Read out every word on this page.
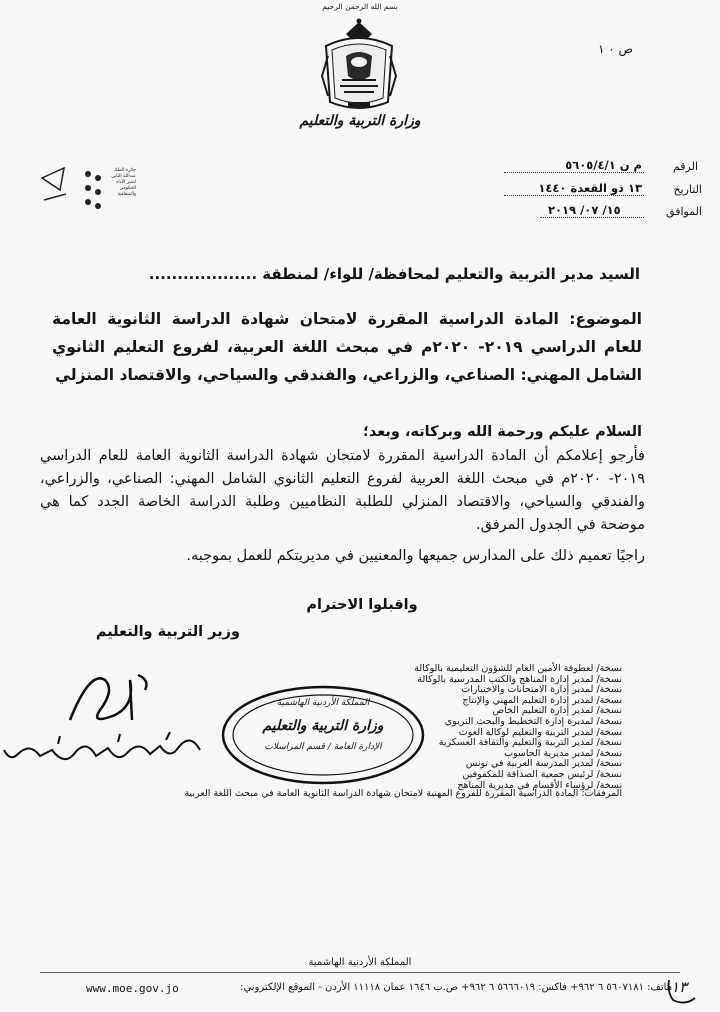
بسم الله الرحمن الرحيم
وزارة التربية والتعليم
ص ٠ ١
جائزة الملك عبدالله الثاني لتميز الأداء الحكومي والشفافية
الرقم
م ن ٥٦٠٥/٤/١
التاريخ
١٣ ذو القعدة ١٤٤٠
الموافق
١٥/ ٠٧/ ٢٠١٩
السيد مدير التربية والتعليم لمحافظة/ للواء/ لمنطقة ...................
الموضوع: المادة الدراسية المقررة لامتحان شهادة الدراسة الثانوية العامة للعام الدراسي ٢٠١٩- ٢٠٢٠م في مبحث اللغة العربية، لفروع التعليم الثانوي الشامل المهني: الصناعي، والزراعي، والفندقي والسياحي، والاقتصاد المنزلي
السلام عليكم ورحمة الله وبركاته، وبعد؛
فأرجو إعلامكم أن المادة الدراسية المقررة لامتحان شهادة الدراسة الثانوية العامة للعام الدراسي ٢٠١٩- ٢٠٢٠م في مبحث اللغة العربية لفروع التعليم الثانوي الشامل المهني: الصناعي، والزراعي، والفندقي والسياحي، والاقتصاد المنزلي للطلبة النظاميين وطلبة الدراسة الخاصة الجدد كما هي موضحة في الجدول المرفق.
راجيًا تعميم ذلك على المدارس جميعها والمعنيين في مديريتكم للعمل بموجبه.
واقبلوا الاحترام
وزير التربية والتعليم
المملكة الأردنية الهاشمية
وزارة التربية والتعليم
الإدارة العامة / قسم المراسلات
نسخة/ لعطوفة الأمين العام للشؤون التعليمية بالوكالة
نسخة/ لمدير إدارة المناهج والكتب المدرسية بالوكالة
نسخة/ لمدير إدارة الامتحانات والاختبارات
نسخة/ لمدير إدارة التعليم المهني والإنتاج
نسخة/ لمدير إدارة التعليم الخاص
نسخة/ لمديرة إدارة التخطيط والبحث التربوي
نسخة/ لمدير التربية والتعليم لوكالة الغوث
نسخة/ لمدير التربية والتعليم والثقافة العسكرية
نسخة/ لمدير مديرية الحاسوب
نسخة/ لمدير المدرسة العربية في تونس
نسخة/ لرئيس جمعية الصداقة للمكفوفين
نسخة/ لرؤساء الأقسام في مديرية المناهج
المرفقات: المادة الدراسية المقررة للفروع المهنية لامتحان شهادة الدراسة الثانوية العامة في مبحث اللغة العربية
المملكة الأردنية الهاشمية
هاتف: ٥٦٠٧١٨١ ٦ ٩٦٢+ فاكس: ٥٦٦٦٠١٩ ٦ ٩٦٢+ ص.ب ١٦٤٦ عمان ١١١١٨ الأردن - الموقع الإلكتروني:
www.moe.gov.jo	١٣
